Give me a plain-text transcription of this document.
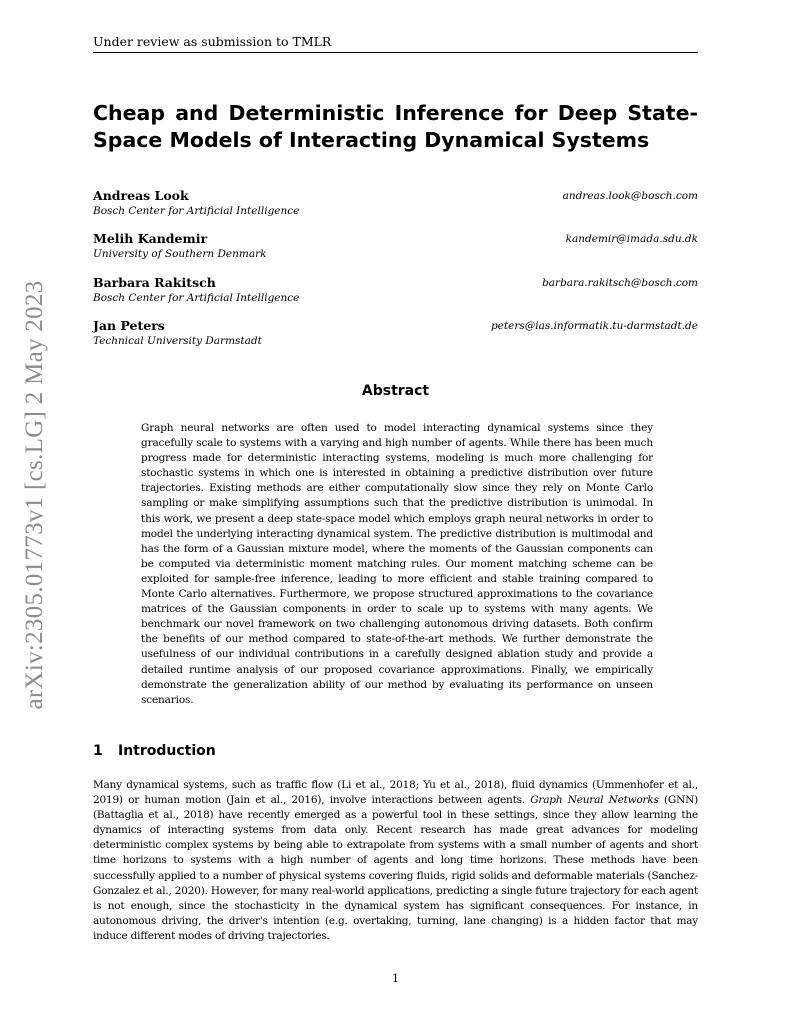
Under review as submission to TMLR
arXiv:2305.01773v1 [cs.LG] 2 May 2023
Cheap and Deterministic Inference for Deep State-Space Models of Interacting Dynamical Systems
Andreas Look	andreas.look@bosch.com
Bosch Center for Artificial Intelligence
Melih Kandemir	kandemir@imada.sdu.dk
University of Southern Denmark
Barbara Rakitsch	barbara.rakitsch@bosch.com
Bosch Center for Artificial Intelligence
Jan Peters	peters@ias.informatik.tu-darmstadt.de
Technical University Darmstadt
Abstract

Graph neural networks are often used to model interacting dynamical systems since they gracefully scale to systems with a varying and high number of agents. While there has been much progress made for deterministic interacting systems, modeling is much more challenging for stochastic systems in which one is interested in obtaining a predictive distribution over future trajectories. Existing methods are either computationally slow since they rely on Monte Carlo sampling or make simplifying assumptions such that the predictive distribution is unimodal. In this work, we present a deep state-space model which employs graph neural networks in order to model the underlying interacting dynamical system. The predictive distribution is multimodal and has the form of a Gaussian mixture model, where the moments of the Gaussian components can be computed via deterministic moment matching rules. Our moment matching scheme can be exploited for sample-free inference, leading to more efficient and stable training compared to Monte Carlo alternatives. Furthermore, we propose structured approximations to the covariance matrices of the Gaussian components in order to scale up to systems with many agents. We benchmark our novel framework on two challenging autonomous driving datasets. Both confirm the benefits of our method compared to state-of-the-art methods. We further demonstrate the usefulness of our individual contributions in a carefully designed ablation study and provide a detailed runtime analysis of our proposed covariance approximations. Finally, we empirically demonstrate the generalization ability of our method by evaluating its performance on unseen scenarios.

1 Introduction

Many dynamical systems, such as traffic flow (Li et al., 2018; Yu et al., 2018), fluid dynamics (Ummenhofer et al., 2019) or human motion (Jain et al., 2016), involve interactions between agents. Graph Neural Networks (GNN) (Battaglia et al., 2018) have recently emerged as a powerful tool in these settings, since they allow learning the dynamics of interacting systems from data only. Recent research has made great advances for modeling deterministic complex systems by being able to extrapolate from systems with a small number of agents and short time horizons to systems with a high number of agents and long time horizons. These methods have been successfully applied to a number of physical systems covering fluids, rigid solids and deformable materials (Sanchez-Gonzalez et al., 2020). However, for many real-world applications, predicting a single future trajectory for each agent is not enough, since the stochasticity in the dynamical system has significant consequences. For instance, in autonomous driving, the driver's intention (e.g. overtaking, turning, lane changing) is a hidden factor that may induce different modes of driving trajectories.

1
